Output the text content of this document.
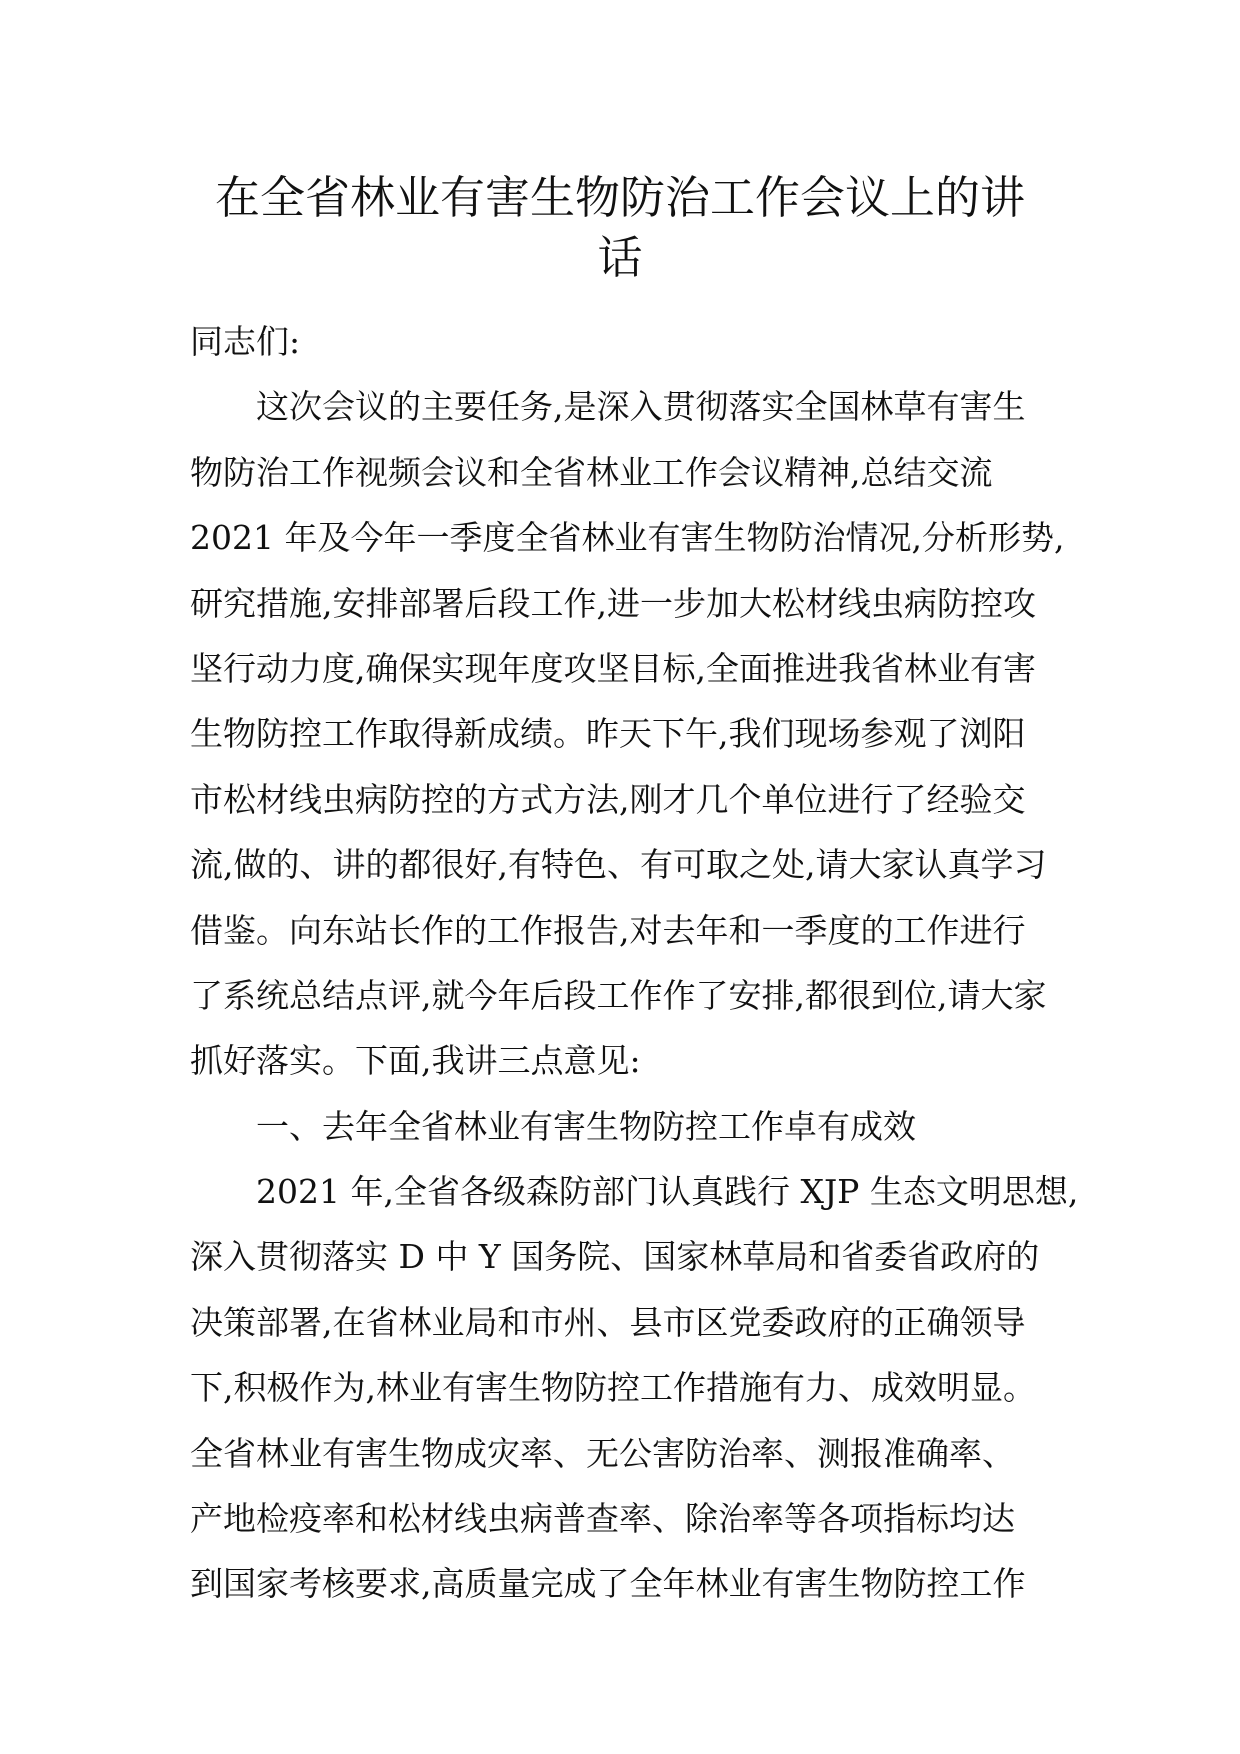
在全省林业有害生物防治工作会议上的讲
话
同志们:
这次会议的主要任务,是深入贯彻落实全国林草有害生
物防治工作视频会议和全省林业工作会议精神,总结交流
2021 年及今年一季度全省林业有害生物防治情况,分析形势,
研究措施,安排部署后段工作,进一步加大松材线虫病防控攻
坚行动力度,确保实现年度攻坚目标,全面推进我省林业有害
生物防控工作取得新成绩。昨天下午,我们现场参观了浏阳
市松材线虫病防控的方式方法,刚才几个单位进行了经验交
流,做的、讲的都很好,有特色、有可取之处,请大家认真学习
借鉴。向东站长作的工作报告,对去年和一季度的工作进行
了系统总结点评,就今年后段工作作了安排,都很到位,请大家
抓好落实。下面,我讲三点意见:
一、去年全省林业有害生物防控工作卓有成效
2021 年,全省各级森防部门认真践行 XJP 生态文明思想,
深入贯彻落实 D 中 Y 国务院、国家林草局和省委省政府的
决策部署,在省林业局和市州、县市区党委政府的正确领导
下,积极作为,林业有害生物防控工作措施有力、成效明显。
全省林业有害生物成灾率、无公害防治率、测报准确率、
产地检疫率和松材线虫病普查率、除治率等各项指标均达
到国家考核要求,高质量完成了全年林业有害生物防控工作
